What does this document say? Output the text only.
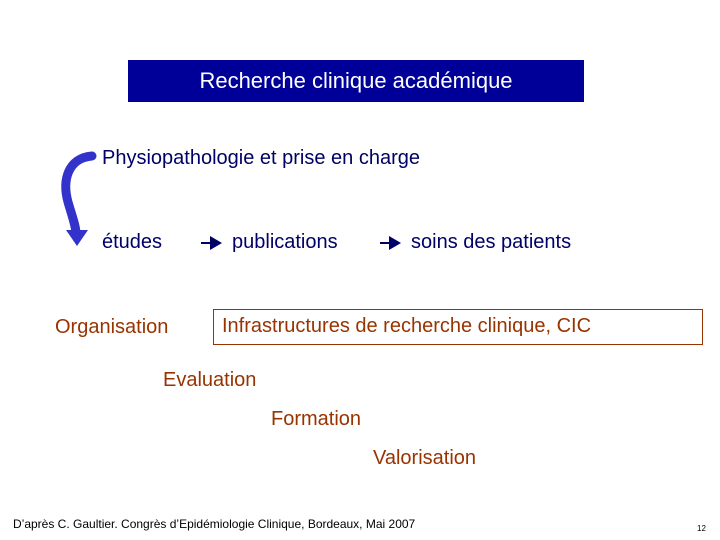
Recherche clinique académique
Physiopathologie et prise en charge
études	publications	soins des patients
Organisation	Infrastructures de recherche clinique, CIC
Evaluation
Formation
Valorisation
D’après C. Gaultier. Congrès d’Epidémiologie Clinique, Bordeaux, Mai 2007	12
